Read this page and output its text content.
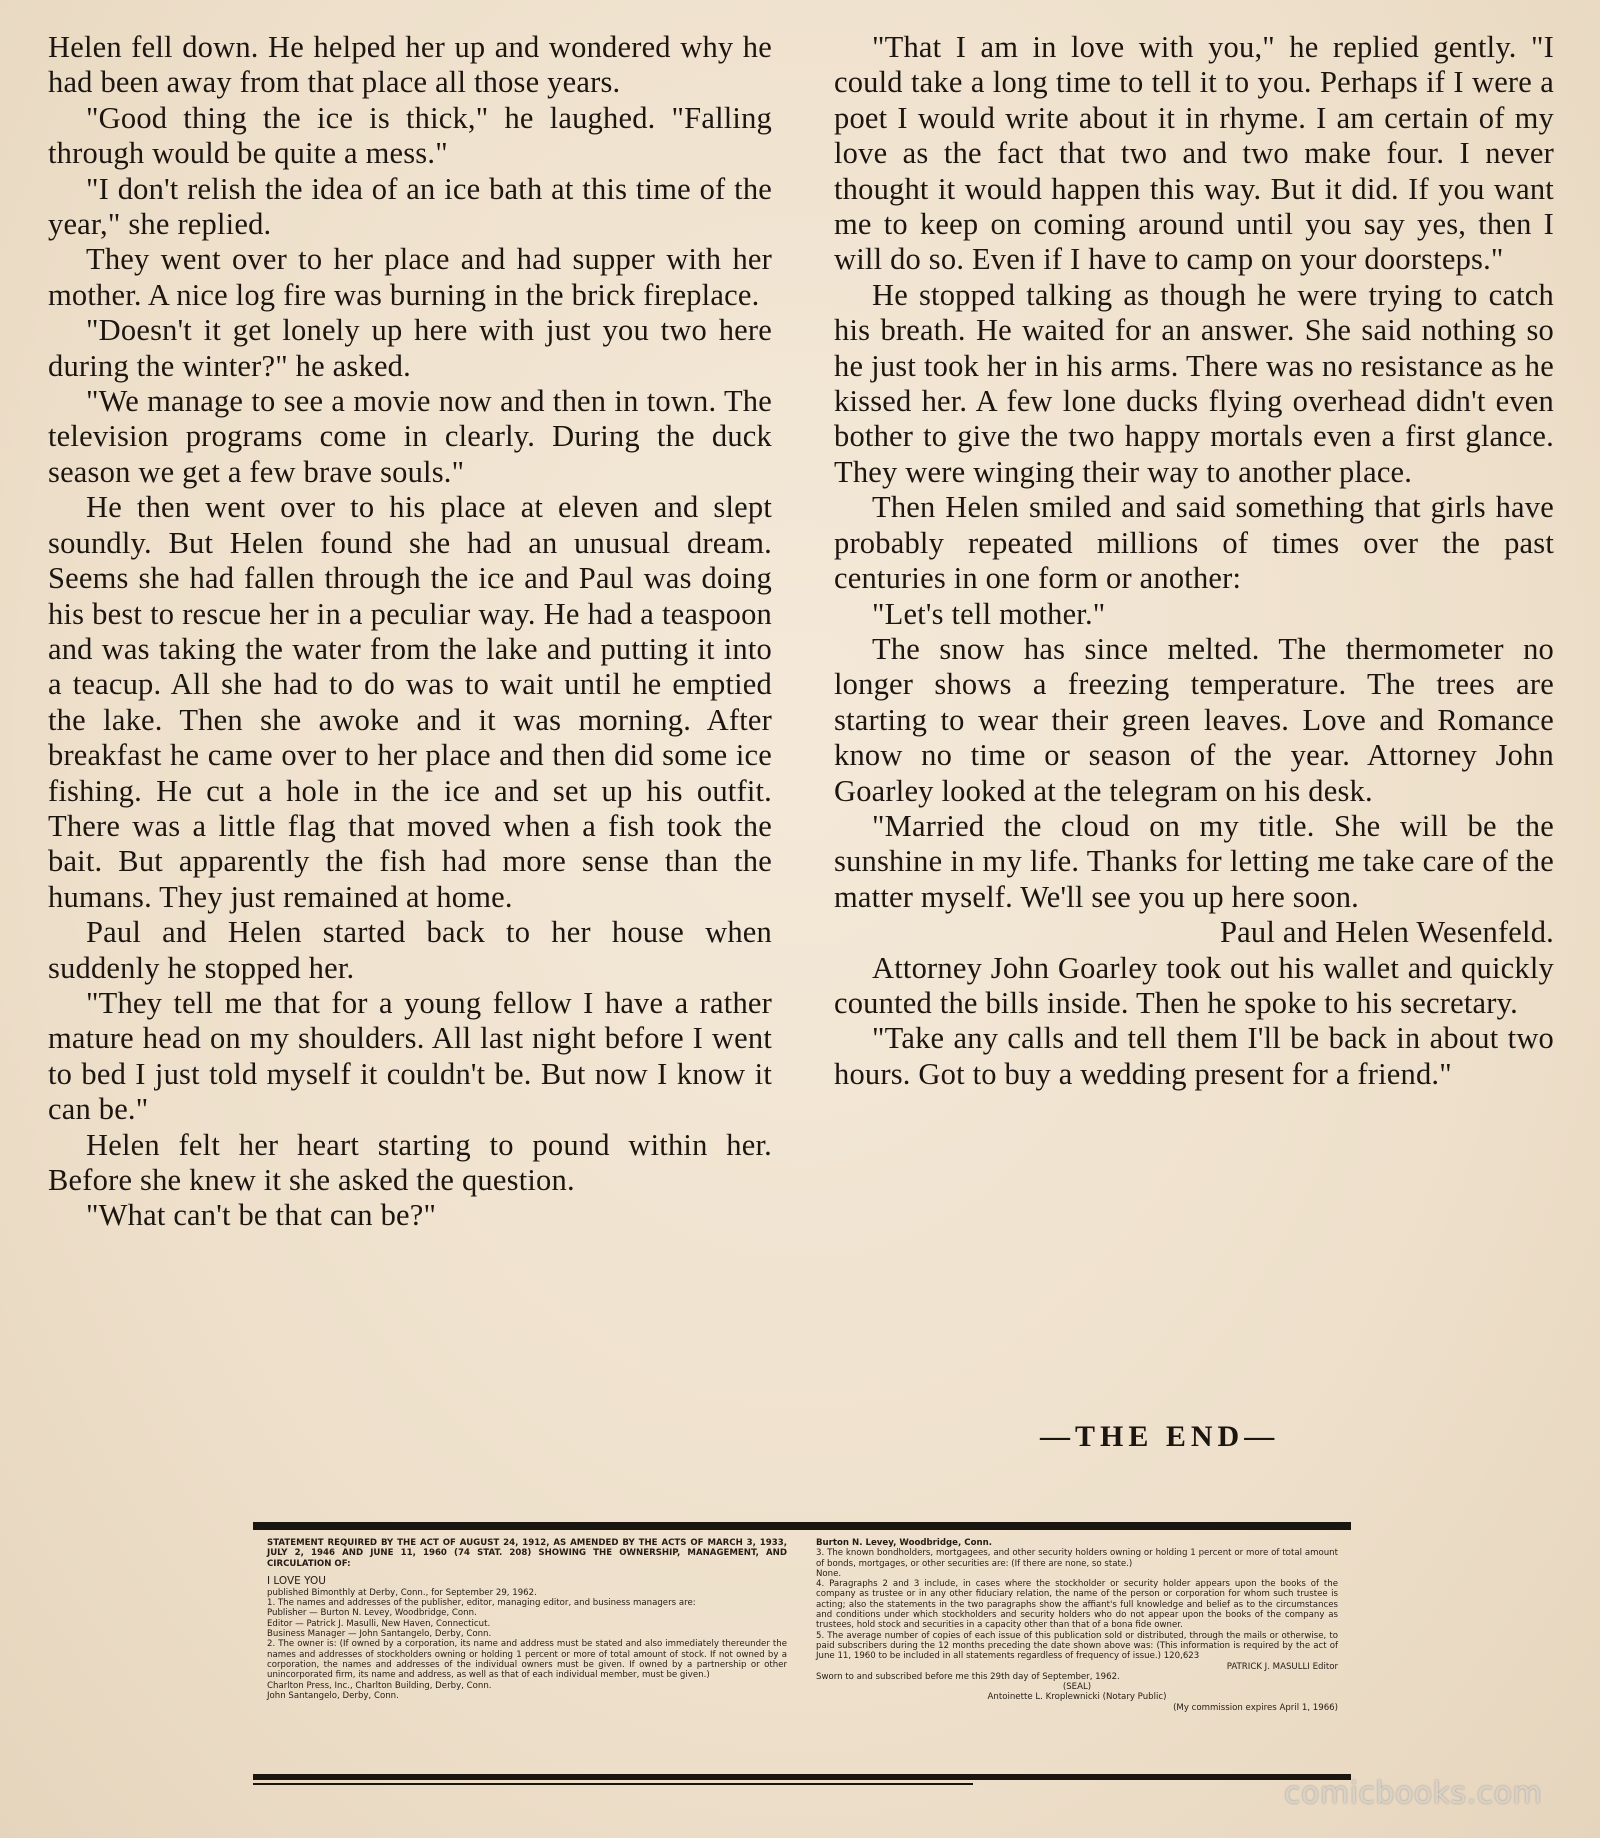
Helen fell down. He helped her up and wondered why he had been away from that place all those years.

"Good thing the ice is thick," he laughed. "Falling through would be quite a mess."

"I don't relish the idea of an ice bath at this time of the year," she replied.

They went over to her place and had supper with her mother. A nice log fire was burning in the brick fireplace.

"Doesn't it get lonely up here with just you two here during the winter?" he asked.

"We manage to see a movie now and then in town. The television programs come in clearly. During the duck season we get a few brave souls."

He then went over to his place at eleven and slept soundly. But Helen found she had an unusual dream. Seems she had fallen through the ice and Paul was doing his best to rescue her in a peculiar way. He had a teaspoon and was taking the water from the lake and putting it into a teacup. All she had to do was to wait until he emptied the lake. Then she awoke and it was morning. After breakfast he came over to her place and then did some ice fishing. He cut a hole in the ice and set up his outfit. There was a little flag that moved when a fish took the bait. But apparently the fish had more sense than the humans. They just remained at home.

Paul and Helen started back to her house when suddenly he stopped her.

"They tell me that for a young fellow I have a rather mature head on my shoulders. All last night before I went to bed I just told myself it couldn't be. But now I know it can be."

Helen felt her heart starting to pound within her. Before she knew it she asked the question.

"What can't be that can be?"

"That I am in love with you," he replied gently. "I could take a long time to tell it to you. Perhaps if I were a poet I would write about it in rhyme. I am certain of my love as the fact that two and two make four. I never thought it would happen this way. But it did. If you want me to keep on coming around until you say yes, then I will do so. Even if I have to camp on your doorsteps."

He stopped talking as though he were trying to catch his breath. He waited for an answer. She said nothing so he just took her in his arms. There was no resistance as he kissed her. A few lone ducks flying overhead didn't even bother to give the two happy mortals even a first glance. They were winging their way to another place.

Then Helen smiled and said something that girls have probably repeated millions of times over the past centuries in one form or another:

"Let's tell mother."

The snow has since melted. The thermometer no longer shows a freezing temperature. The trees are starting to wear their green leaves. Love and Romance know no time or season of the year. Attorney John Goarley looked at the telegram on his desk.

"Married the cloud on my title. She will be the sunshine in my life. Thanks for letting me take care of the matter myself. We'll see you up here soon.

Paul and Helen Wesenfeld.

Attorney John Goarley took out his wallet and quickly counted the bills inside. Then he spoke to his secretary.

"Take any calls and tell them I'll be back in about two hours. Got to buy a wedding present for a friend."

—THE END—

STATEMENT REQUIRED BY THE ACT OF AUGUST 24, 1912, AS AMENDED BY THE ACTS OF MARCH 3, 1933, JULY 2, 1946 AND JUNE 11, 1960 (74 STAT. 208) SHOWING THE OWNERSHIP, MANAGEMENT, AND CIRCULATION OF:

I LOVE YOU

published Bimonthly at Derby, Conn., for September 29, 1962.

1. The names and addresses of the publisher, editor, managing editor, and business managers are:

Publisher — Burton N. Levey, Woodbridge, Conn.

Editor — Patrick J. Masulli, New Haven, Connecticut.

Business Manager — John Santangelo, Derby, Conn.

2. The owner is: (If owned by a corporation, its name and address must be stated and also immediately thereunder the names and addresses of stockholders owning or holding 1 percent or more of total amount of stock. If not owned by a corporation, the names and addresses of the individual owners must be given. If owned by a partnership or other unincorporated firm, its name and address, as well as that of each individual member, must be given.)

Charlton Press, Inc., Charlton Building, Derby, Conn.

John Santangelo, Derby, Conn.

Burton N. Levey, Woodbridge, Conn.

3. The known bondholders, mortgagees, and other security holders owning or holding 1 percent or more of total amount of bonds, mortgages, or other securities are: (If there are none, so state.)

None.

4. Paragraphs 2 and 3 include, in cases where the stockholder or security holder appears upon the books of the company as trustee or in any other fiduciary relation, the name of the person or corporation for whom such trustee is acting; also the statements in the two paragraphs show the affiant's full knowledge and belief as to the circumstances and conditions under which stockholders and security holders who do not appear upon the books of the company as trustees, hold stock and securities in a capacity other than that of a bona fide owner.

5. The average number of copies of each issue of this publication sold or distributed, through the mails or otherwise, to paid subscribers during the 12 months preceding the date shown above was: (This information is required by the act of June 11, 1960 to be included in all statements regardless of frequency of issue.) 120,623

PATRICK J. MASULLI Editor

Sworn to and subscribed before me this 29th day of September, 1962.

(SEAL)

Antoinette L. Kroplewnicki (Notary Public)

(My commission expires April 1, 1966)

comicbooks.com
